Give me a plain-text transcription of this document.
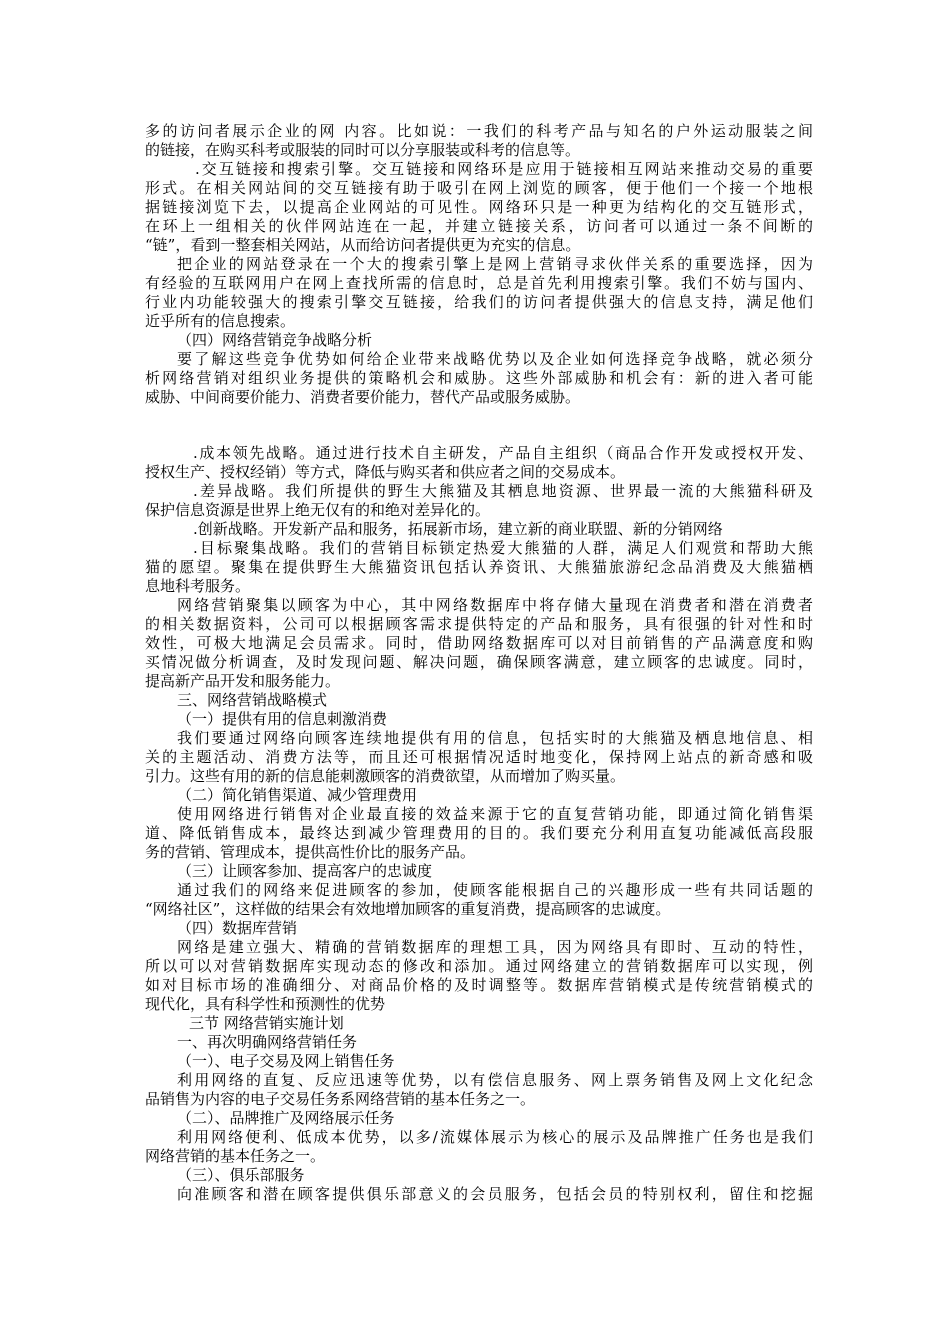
多的访问者展示企业的网 内容。比如说：一我们的科考产品与知名的户外运动服装之间
的链接，在购买科考或服装的同时可以分享服装或科考的信息等。
.交互链接和搜索引擎。交互链接和网络环是应用于链接相互网站来推动交易的重要
形式。在相关网站间的交互链接有助于吸引在网上浏览的顾客，便于他们一个接一个地根
据链接浏览下去，以提高企业网站的可见性。网络环只是一种更为结构化的交互链形式，
在环上一组相关的伙伴网站连在一起，并建立链接关系，访问者可以通过一条不间断的
“链”，看到一整套相关网站，从而给访问者提供更为充实的信息。
把企业的网站登录在一个大的搜索引擎上是网上营销寻求伙伴关系的重要选择，因为
有经验的互联网用户在网上查找所需的信息时，总是首先利用搜索引擎。我们不妨与国内、
行业内功能较强大的搜索引擎交互链接，给我们的访问者提供强大的信息支持，满足他们
近乎所有的信息搜索。
（四）网络营销竞争战略分析
要了解这些竞争优势如何给企业带来战略优势以及企业如何选择竞争战略，就必须分
析网络营销对组织业务提供的策略机会和威胁。这些外部威胁和机会有：新的进入者可能
威胁、中间商要价能力、消费者要价能力，替代产品或服务威胁。
.成本领先战略。通过进行技术自主研发，产品自主组织（商品合作开发或授权开发、
授权生产、授权经销）等方式，降低与购买者和供应者之间的交易成本。
.差异战略。我们所提供的野生大熊猫及其栖息地资源、世界最一流的大熊猫科研及
保护信息资源是世界上绝无仅有的和绝对差异化的。
.创新战略。开发新产品和服务，拓展新市场，建立新的商业联盟、新的分销网络
.目标聚集战略。我们的营销目标锁定热爱大熊猫的人群，满足人们观赏和帮助大熊
猫的愿望。聚集在提供野生大熊猫资讯包括认养资讯、大熊猫旅游纪念品消费及大熊猫栖
息地科考服务。
网络营销聚集以顾客为中心，其中网络数据库中将存储大量现在消费者和潜在消费者
的相关数据资料，公司可以根据顾客需求提供特定的产品和服务，具有很强的针对性和时
效性，可极大地满足会员需求。同时，借助网络数据库可以对目前销售的产品满意度和购
买情况做分析调查，及时发现问题、解决问题，确保顾客满意，建立顾客的忠诚度。同时，
提高新产品开发和服务能力。
三、网络营销战略模式
（一）提供有用的信息刺激消费
我们要通过网络向顾客连续地提供有用的信息，包括实时的大熊猫及栖息地信息、相
关的主题活动、消费方法等，而且还可根据情况适时地变化，保持网上站点的新奇感和吸
引力。这些有用的新的信息能刺激顾客的消费欲望，从而增加了购买量。
（二）简化销售渠道、减少管理费用
使用网络进行销售对企业最直接的效益来源于它的直复营销功能，即通过简化销售渠
道、降低销售成本，最终达到减少管理费用的目的。我们要充分利用直复功能减低高段服
务的营销、管理成本，提供高性价比的服务产品。
（三）让顾客参加、提高客户的忠诚度
通过我们的网络来促进顾客的参加，使顾客能根据自己的兴趣形成一些有共同话题的
“网络社区”，这样做的结果会有效地增加顾客的重复消费，提高顾客的忠诚度。
（四）数据库营销
网络是建立强大、精确的营销数据库的理想工具，因为网络具有即时、互动的特性，
所以可以对营销数据库实现动态的修改和添加。通过网络建立的营销数据库可以实现，例
如对目标市场的准确细分、对商品价格的及时调整等。数据库营销模式是传统营销模式的
现代化，具有科学性和预测性的优势
三节 网络营销实施计划
一、再次明确网络营销任务
（一）、电子交易及网上销售任务
利用网络的直复、反应迅速等优势，以有偿信息服务、网上票务销售及网上文化纪念
品销售为内容的电子交易任务系网络营销的基本任务之一。
（二）、品牌推广及网络展示任务
利用网络便利、低成本优势，以多/流媒体展示为核心的展示及品牌推广任务也是我们
网络营销的基本任务之一。
（三）、俱乐部服务
向准顾客和潜在顾客提供俱乐部意义的会员服务，包括会员的特别权利，留住和挖掘
